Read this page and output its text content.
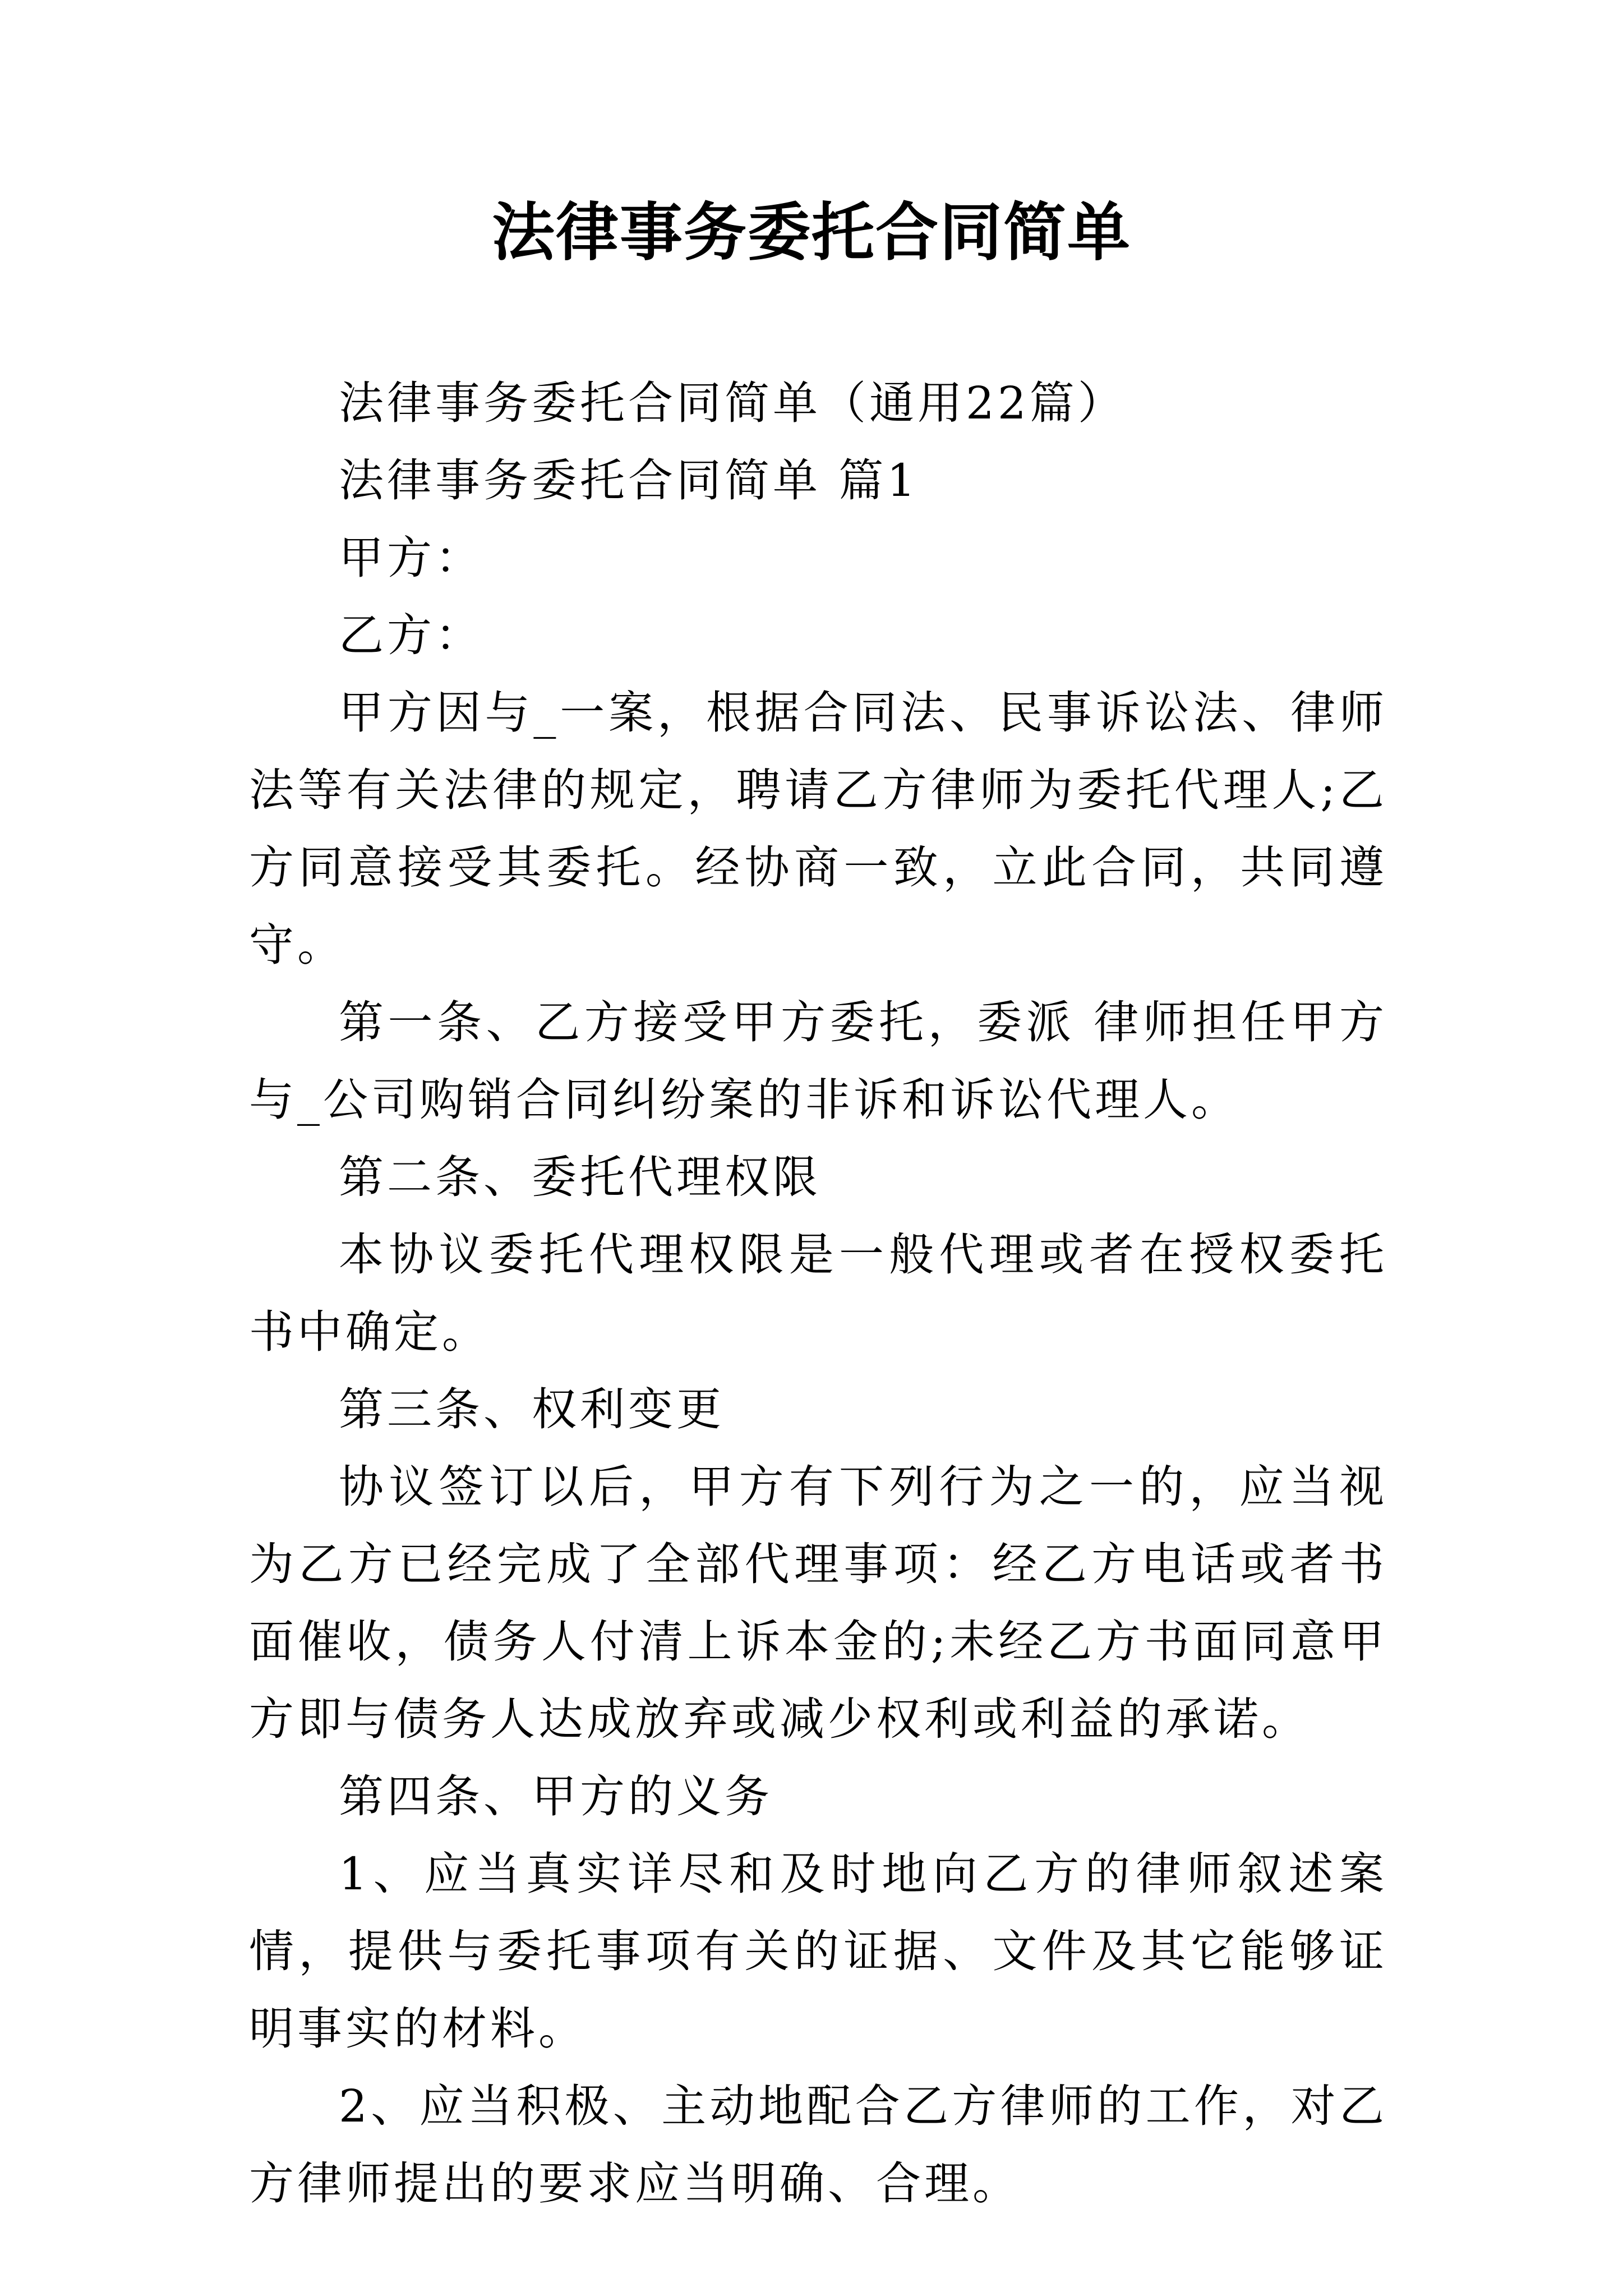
法律事务委托合同简单

法律事务委托合同简单（通用22篇）

法律事务委托合同简单 篇1

甲方：

乙方：

甲方因与_一案，根据合同法、民事诉讼法、律师法等有关法律的规定，聘请乙方律师为委托代理人;乙方同意接受其委托。经协商一致，立此合同，共同遵守。

第一条、乙方接受甲方委托，委派 律师担任甲方与_公司购销合同纠纷案的非诉和诉讼代理人。

第二条、委托代理权限

本协议委托代理权限是一般代理或者在授权委托书中确定。

第三条、权利变更

协议签订以后，甲方有下列行为之一的，应当视为乙方已经完成了全部代理事项：经乙方电话或者书面催收，债务人付清上诉本金的;未经乙方书面同意甲方即与债务人达成放弃或减少权利或利益的承诺。

第四条、甲方的义务

1、应当真实详尽和及时地向乙方的律师叙述案情，提供与委托事项有关的证据、文件及其它能够证明事实的材料。

2、应当积极、主动地配合乙方律师的工作，对乙方律师提出的要求应当明确、合理。
